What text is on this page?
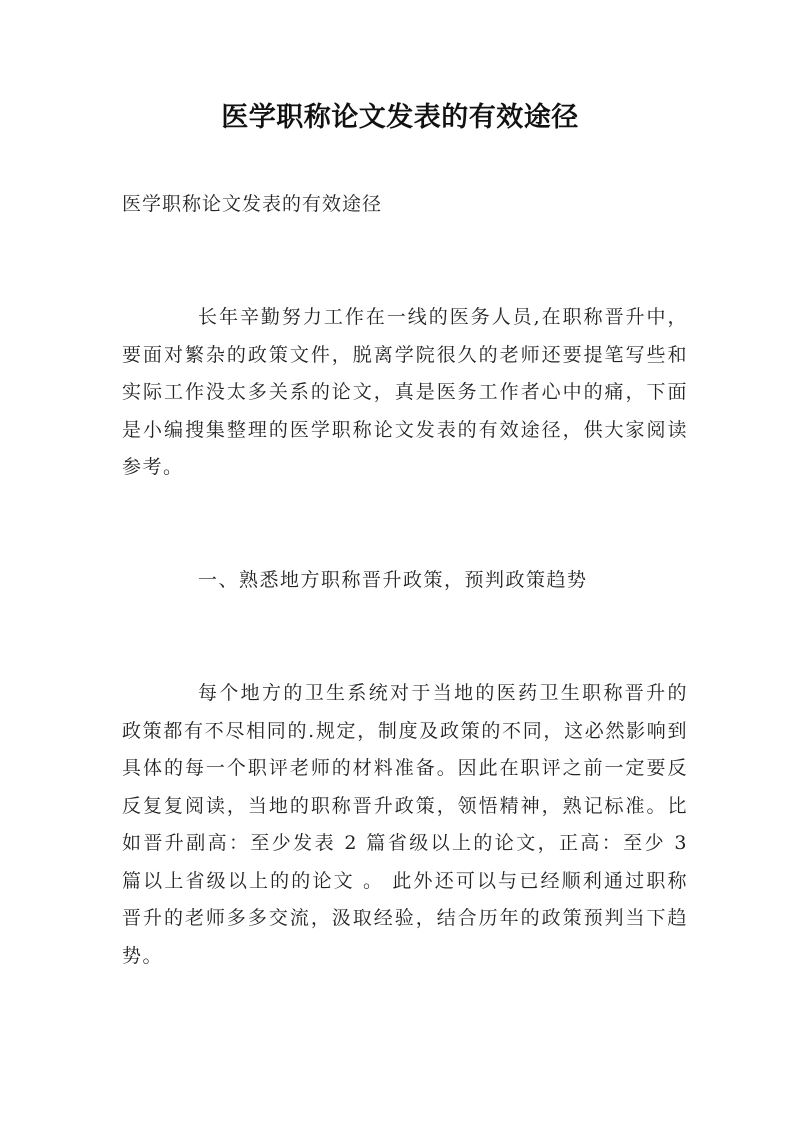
医学职称论文发表的有效途径
医学职称论文发表的有效途径

长年辛勤努力工作在一线的医务人员,在职称晋升中，要面对繁杂的政策文件，脱离学院很久的老师还要提笔写些和实际工作没太多关系的论文，真是医务工作者心中的痛，下面是小编搜集整理的医学职称论文发表的有效途径，供大家阅读参考。

一、熟悉地方职称晋升政策，预判政策趋势

每个地方的卫生系统对于当地的医药卫生职称晋升的政策都有不尽相同的.规定，制度及政策的不同，这必然影响到具体的每一个职评老师的材料准备。因此在职评之前一定要反反复复阅读，当地的职称晋升政策，领悟精神，熟记标准。比如晋升副高：至少发表 2 篇省级以上的论文，正高：至少 3 篇以上省级以上的的论文 。 此外还可以与已经顺利通过职称晋升的老师多多交流，汲取经验，结合历年的政策预判当下趋势。
